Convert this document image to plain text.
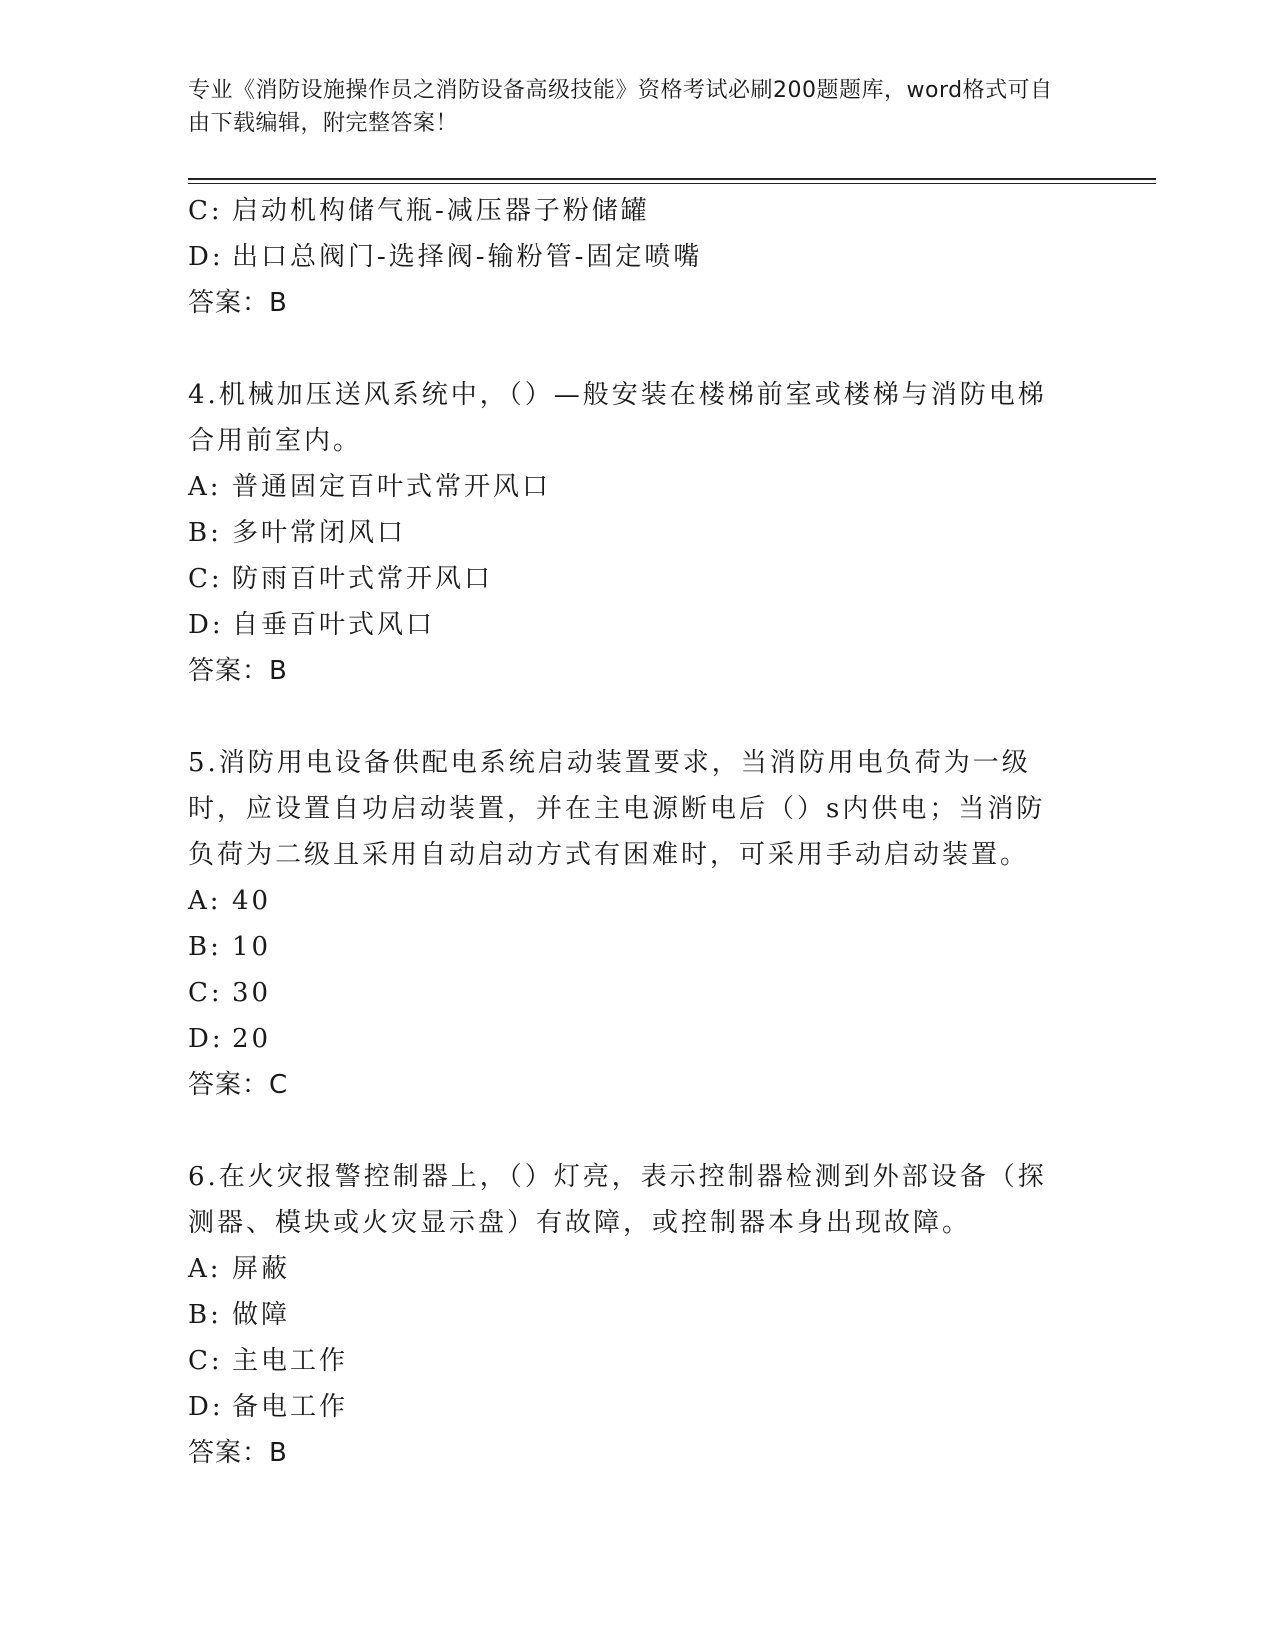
专业《消防设施操作员之消防设备高级技能》资格考试必刷200题题库，word格式可自由下载编辑，附完整答案！
C: 启动机构储气瓶-减压器子粉储罐
D: 出口总阀门-选择阀-输粉管-固定喷嘴
答案：B
4.机械加压送风系统中，（）—般安装在楼梯前室或楼梯与消防电梯合用前室内。
A: 普通固定百叶式常开风口
B: 多叶常闭风口
C: 防雨百叶式常开风口
D: 自垂百叶式风口
答案：B
5.消防用电设备供配电系统启动装置要求，当消防用电负荷为一级时，应设置自功启动装置，并在主电源断电后（）s内供电；当消防负荷为二级且采用自动启动方式有困难时，可采用手动启动装置。
A: 40
B: 10
C: 30
D: 20
答案：C
6.在火灾报警控制器上，（）灯亮，表示控制器检测到外部设备（探测器、模块或火灾显示盘）有故障，或控制器本身出现故障。
A: 屏蔽
B: 做障
C: 主电工作
D: 备电工作
答案：B
